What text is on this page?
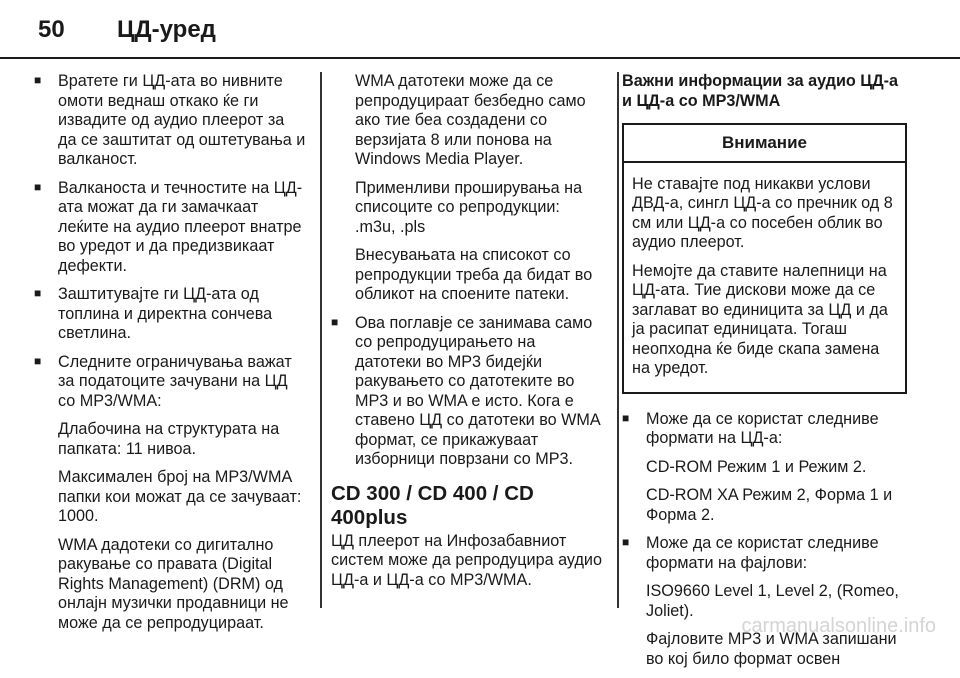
50 ЦД-уред
■ Вратете ги ЦД-ата во нивните омоти веднаш откако ќе ги извадите од аудио плеерот за да се заштитат од оштетувања и валканост.
■ Валканоста и течностите на ЦД-ата можат да ги замачкаат леќите на аудио плеерот внатре во уредот и да предизвикаат дефекти.
■ Заштитувајте ги ЦД-ата од топлина и директна сончева светлина.
■ Следните ограничувања важат за податоците зачувани на ЦД со MP3/WMA:

Длабочина на структурата на папката: 11 нивоа.

Максимален број на MP3/WMA папки кои можат да се зачуваат: 1000.

WMA дадотеки со дигитално ракување со правата (Digital Rights Management) (DRM) од онлајн музички продавници не може да се репродуцираат.

WMA датотеки може да се репродуцираат безбедно само ако тие беа создадени со верзијата 8 или понова на Windows Media Player.

Применливи проширувања на списоците со репродукции: .m3u, .pls

Внесувањата на списокот со репродукции треба да бидат во обликот на споените патеки.

■ Ова поглавје се занимава само со репродуцирањето на датотеки во MP3 бидејќи ракувањето со датотеките во MP3 и во WMA е исто. Кога е ставено ЦД со датотеки во WMA формат, се прикажуваат изборници поврзани со MP3.
CD 300 / CD 400 / CD 400plus

ЦД плеерот на Инфозабавниот систем може да репродуцира аудио ЦД-а и ЦД-а со MP3/WMA.

Важни информации за аудио ЦД-а и ЦД-а со MP3/WMA
Внимание

Не ставајте под никакви услови ДВД-а, сингл ЦД-а со пречник од 8 см или ЦД-а со посебен облик во аудио плеерот.

Немојте да ставите налепници на ЦД-ата. Тие дискови може да се заглават во единицита за ЦД и да ја расипат единицата. Тогаш неопходна ќе биде скапа замена на уредот.

■ Може да се користат следниве формати на ЦД-а:

CD-ROM Режим 1 и Режим 2.

CD-ROM XA Режим 2, Форма 1 и Форма 2.

■ Може да се користат следниве формати на фајлови:

ISO9660 Level 1, Level 2, (Romeo, Joliet).

Фајловите MP3 и WMA запишани во кој било формат освен

carmanualsonline.info
